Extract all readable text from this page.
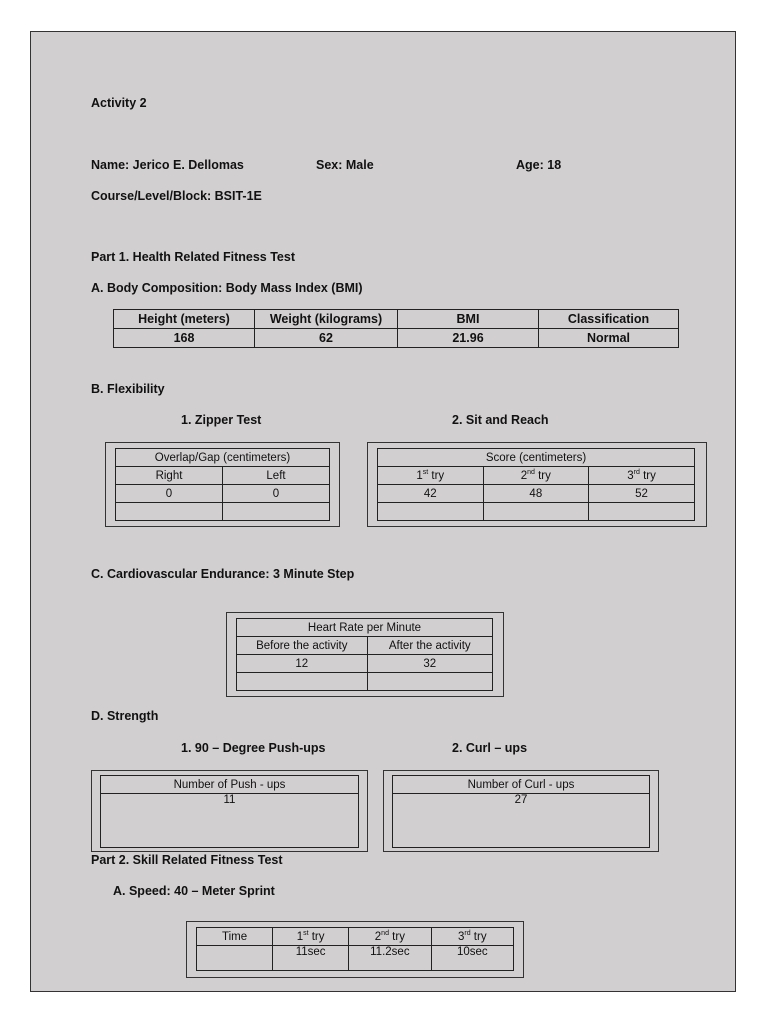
Activity 2
Name: Jerico E. Dellomas	Sex: Male	Age: 18
Course/Level/Block: BSIT-1E
Part 1. Health Related Fitness Test
A. Body Composition: Body Mass Index (BMI)
Height (meters)	Weight (kilograms)	BMI	Classification
168	62	21.96	Normal
B. Flexibility
1. Zipper Test	2. Sit and Reach
Overlap/Gap (centimeters)	
Right	Left
0	0

Score (centimeters)		
1st try	2nd try	3rd try
42	48	52

C. Cardiovascular Endurance: 3 Minute Step
Heart Rate per Minute	
Before the activity	After the activity
12	32

D. Strength
1. 90 – Degree Push-ups	2. Curl – ups
Number of Push - ups
11
Number of Curl - ups
27
Part 2. Skill Related Fitness Test
A. Speed: 40 – Meter Sprint
Time	1st try	2nd try	3rd try
	11sec	11.2sec	10sec
